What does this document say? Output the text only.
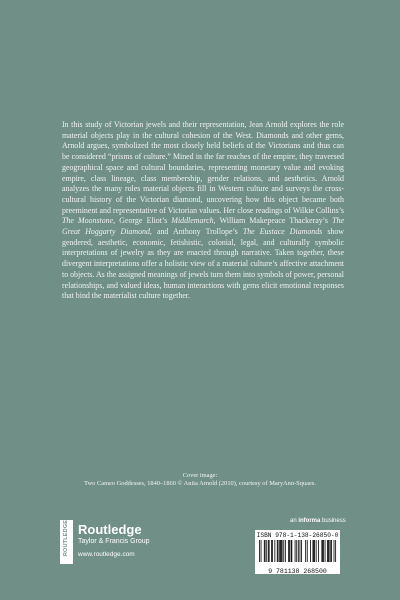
In this study of Victorian jewels and their representation, Jean Arnold explores the role material objects play in the cultural cohesion of the West. Diamonds and other gems, Arnold argues, symbolized the most closely held beliefs of the Victorians and thus can be considered “prisms of culture.” Mined in the far reaches of the empire, they traversed geographical space and cultural boundaries, representing monetary value and evoking empire, class lineage, class membership, gender relations, and aesthetics. Arnold analyzes the many roles material objects fill in Western culture and surveys the cross-cultural history of the Victorian diamond, uncovering how this object became both preeminent and representative of Victorian values. Her close readings of Wilkie Collins’s The Moonstone, George Eliot’s Middlemarch, William Makepeace Thackeray’s The Great Hoggarty Diamond, and Anthony Trollope’s The Eustace Diamonds show gendered, aesthetic, economic, fetishistic, colonial, legal, and culturally symbolic interpretations of jewelry as they are enacted through narrative. Taken together, these divergent interpretations offer a holistic view of a material culture’s affective attachment to objects. As the assigned meanings of jewels turn them into symbols of power, personal relationships, and valued ideas, human interactions with gems elicit emotional responses that bind the materialist culture together.

Cover image:
Two Cameo Goddesses, 1840–1860 © Anita Arnold (2010), courtesy of MaryAnn-Squaes.
an informa business
ISBN 978-1-138-26850-0
9 781138 268500
ROUTLEDGE Routledge
Taylor & Francis Group
www.routledge.com
